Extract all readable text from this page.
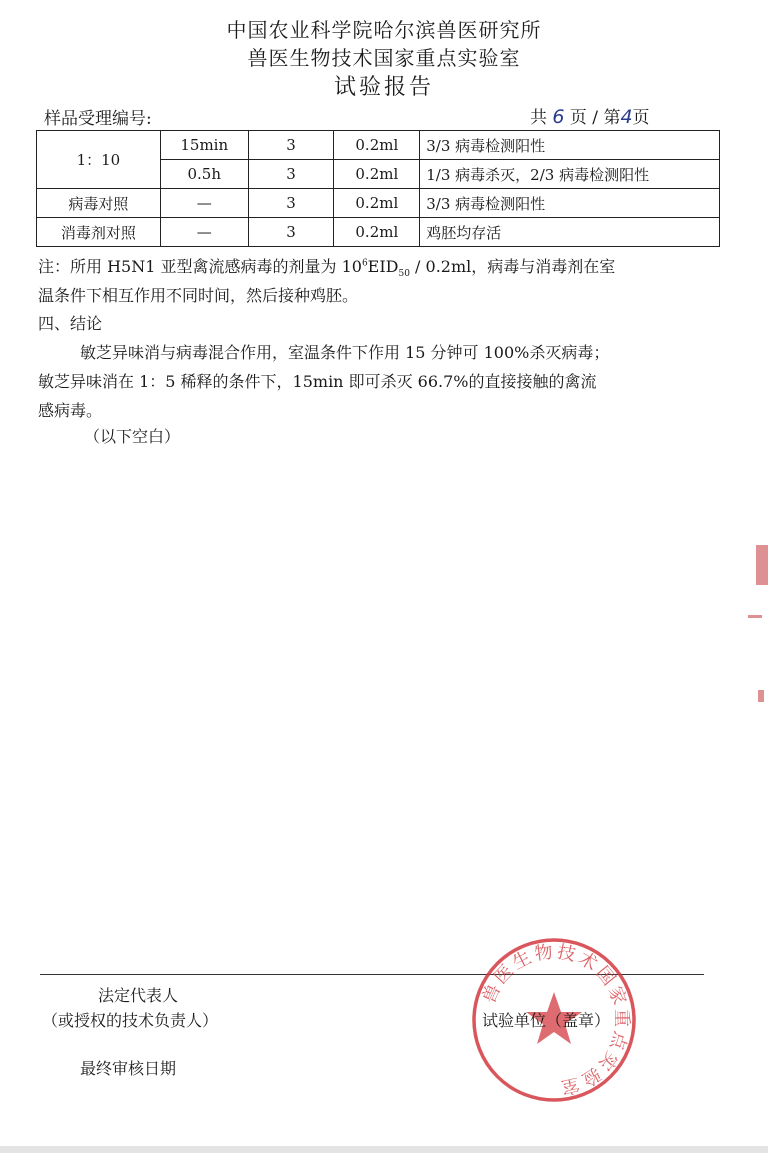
中国农业科学院哈尔滨兽医研究所
兽医生物技术国家重点实验室
试验报告
样品受理编号:	共 6 页 / 第4页
1：10	15min	3	0.2ml	3/3 病毒检测阳性
	0.5h	3	0.2ml	1/3 病毒杀灭，2/3 病毒检测阳性
病毒对照	—	3	0.2ml	3/3 病毒检测阳性
消毒剂对照	—	3	0.2ml	鸡胚均存活
注：所用 H5N1 亚型禽流感病毒的剂量为 $10^6EID_{50} / 0.2ml$，病毒与消毒剂在室
温条件下相互作用不同时间，然后接种鸡胚。
四、结论
敏芝异味消与病毒混合作用，室温条件下作用 15 分钟可 100%杀灭病毒；
敏芝异味消在 1：5 稀释的条件下，15min 即可杀灭 66.7%的直接接触的禽流
感病毒。
（以下空白）
法定代表人
（或授权的技术负责人）
最终审核日期
兽医生物技术国家重点实验室
试验单位（盖章）
